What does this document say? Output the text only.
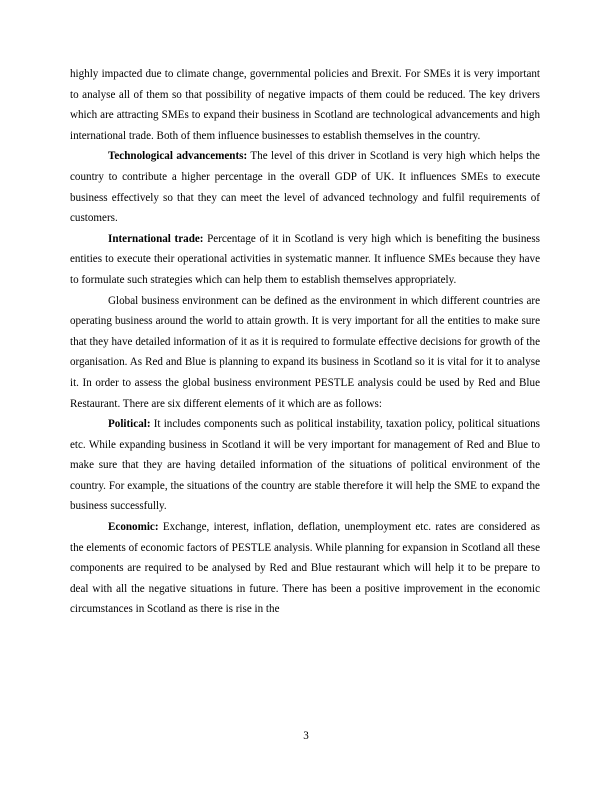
highly impacted due to climate change, governmental policies and Brexit. For SMEs it is very important to analyse all of them so that possibility of negative impacts of them could be reduced. The key drivers which are attracting SMEs to expand their business in Scotland are technological advancements and high international trade. Both of them influence businesses to establish themselves in the country.

Technological advancements: The level of this driver in Scotland is very high which helps the country to contribute a higher percentage in the overall GDP of UK. It influences SMEs to execute business effectively so that they can meet the level of advanced technology and fulfil requirements of customers.

International trade: Percentage of it in Scotland is very high which is benefiting the business entities to execute their operational activities in systematic manner. It influence SMEs because they have to formulate such strategies which can help them to establish themselves appropriately.

Global business environment can be defined as the environment in which different countries are operating business around the world to attain growth. It is very important for all the entities to make sure that they have detailed information of it as it is required to formulate effective decisions for growth of the organisation. As Red and Blue is planning to expand its business in Scotland so it is vital for it to analyse it. In order to assess the global business environment PESTLE analysis could be used by Red and Blue Restaurant. There are six different elements of it which are as follows:

Political: It includes components such as political instability, taxation policy, political situations etc. While expanding business in Scotland it will be very important for management of Red and Blue to make sure that they are having detailed information of the situations of political environment of the country. For example, the situations of the country are stable therefore it will help the SME to expand the business successfully.

Economic: Exchange, interest, inflation, deflation, unemployment etc. rates are considered as the elements of economic factors of PESTLE analysis. While planning for expansion in Scotland all these components are required to be analysed by Red and Blue restaurant which will help it to be prepare to deal with all the negative situations in future. There has been a positive improvement in the economic circumstances in Scotland as there is rise in the

3
